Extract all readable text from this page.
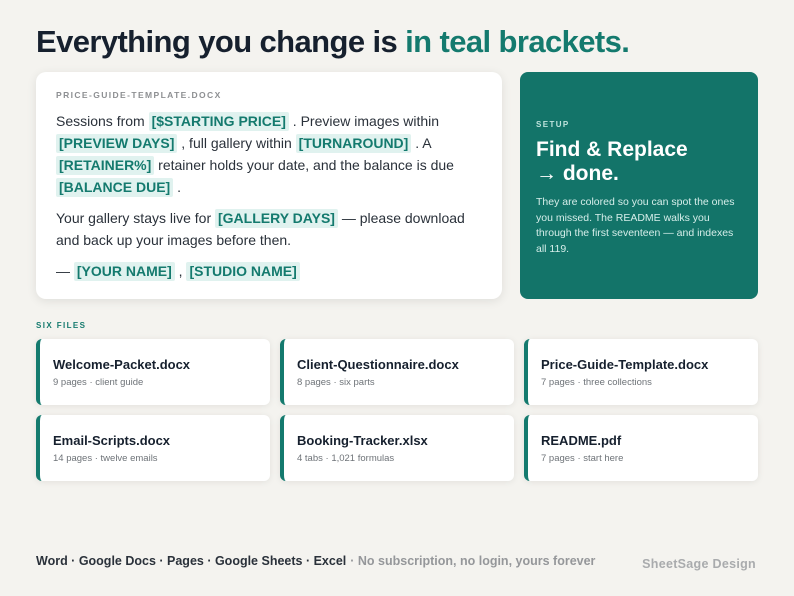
Everything you change is in teal brackets.
PRICE-GUIDE-TEMPLATE.DOCX

Sessions from [$STARTING PRICE] . Preview images within [PREVIEW DAYS] , full gallery within [TURNAROUND] . A [RETAINER%] retainer holds your date, and the balance is due [BALANCE DUE] .

Your gallery stays live for [GALLERY DAYS] — please download and back up your images before then.

— [YOUR NAME] , [STUDIO NAME]

SETUP
Find & Replace
→ done.
They are colored so you can spot the ones you missed. The README walks you through the first seventeen — and indexes all 119.
SIX FILES
Welcome-Packet.docx
9 pages · client guide
Client-Questionnaire.docx
8 pages · six parts
Price-Guide-Template.docx
7 pages · three collections
Email-Scripts.docx
14 pages · twelve emails
Booking-Tracker.xlsx
4 tabs · 1,021 formulas
README.pdf
7 pages · start here
Word · Google Docs · Pages · Google Sheets · Excel · No subscription, no login, yours forever	SheetSage Design
